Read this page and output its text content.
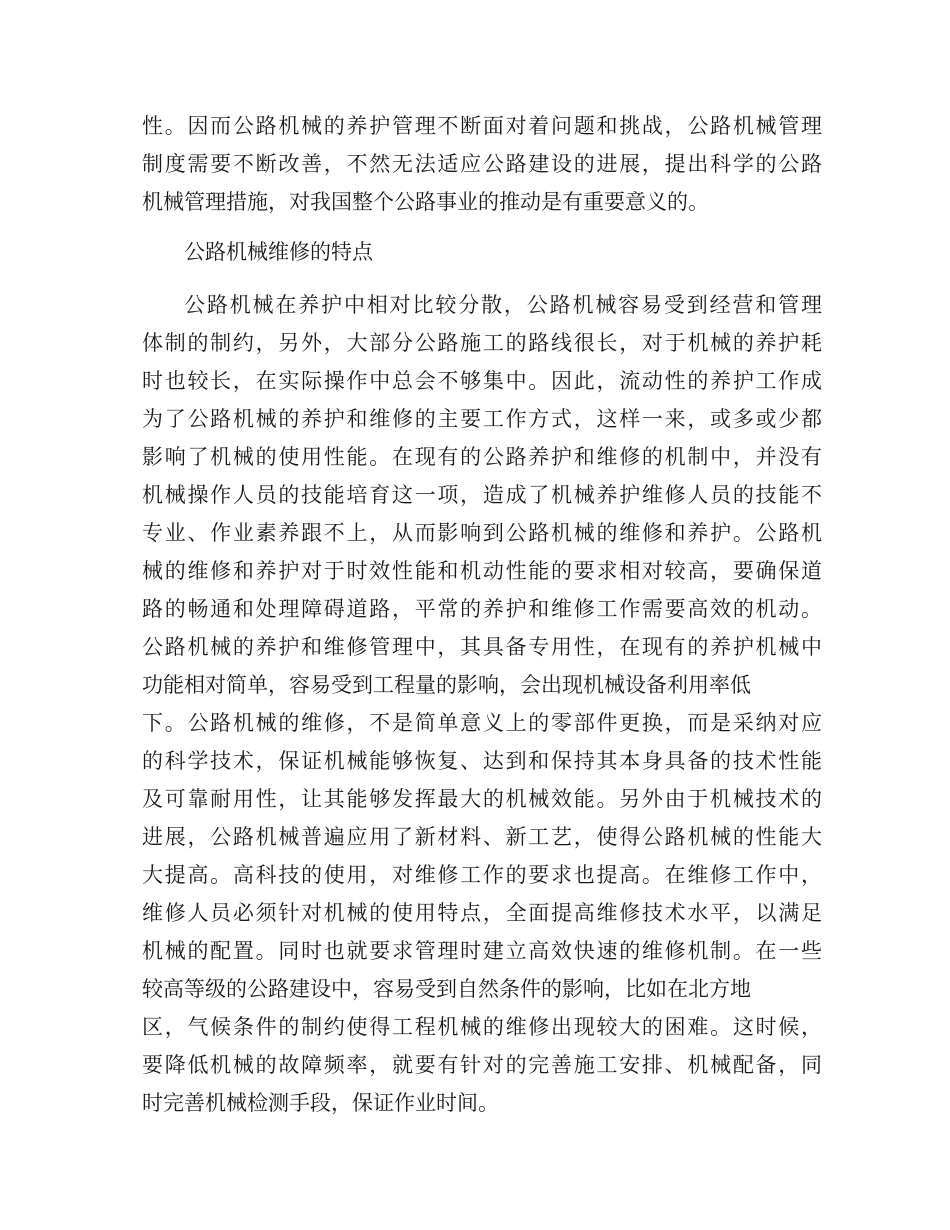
性。因而公路机械的养护管理不断面对着问题和挑战，公路机械管理
制度需要不断改善，不然无法适应公路建设的进展，提出科学的公路
机械管理措施，对我国整个公路事业的推动是有重要意义的。
公路机械维修的特点
公路机械在养护中相对比较分散，公路机械容易受到经营和管理
体制的制约，另外，大部分公路施工的路线很长，对于机械的养护耗
时也较长，在实际操作中总会不够集中。因此，流动性的养护工作成
为了公路机械的养护和维修的主要工作方式，这样一来，或多或少都
影响了机械的使用性能。在现有的公路养护和维修的机制中，并没有
机械操作人员的技能培育这一项，造成了机械养护维修人员的技能不
专业、作业素养跟不上，从而影响到公路机械的维修和养护。公路机
械的维修和养护对于时效性能和机动性能的要求相对较高，要确保道
路的畅通和处理障碍道路，平常的养护和维修工作需要高效的机动。
公路机械的养护和维修管理中，其具备专用性，在现有的养护机械中
功能相对简单，容易受到工程量的影响，会出现机械设备利用率低
下。公路机械的维修，不是简单意义上的零部件更换，而是采纳对应
的科学技术，保证机械能够恢复、达到和保持其本身具备的技术性能
及可靠耐用性，让其能够发挥最大的机械效能。另外由于机械技术的
进展，公路机械普遍应用了新材料、新工艺，使得公路机械的性能大
大提高。高科技的使用，对维修工作的要求也提高。在维修工作中，
维修人员必须针对机械的使用特点，全面提高维修技术水平，以满足
机械的配置。同时也就要求管理时建立高效快速的维修机制。在一些
较高等级的公路建设中，容易受到自然条件的影响，比如在北方地
区，气候条件的制约使得工程机械的维修出现较大的困难。这时候，
要降低机械的故障频率，就要有针对的完善施工安排、机械配备，同
时完善机械检测手段，保证作业时间。
